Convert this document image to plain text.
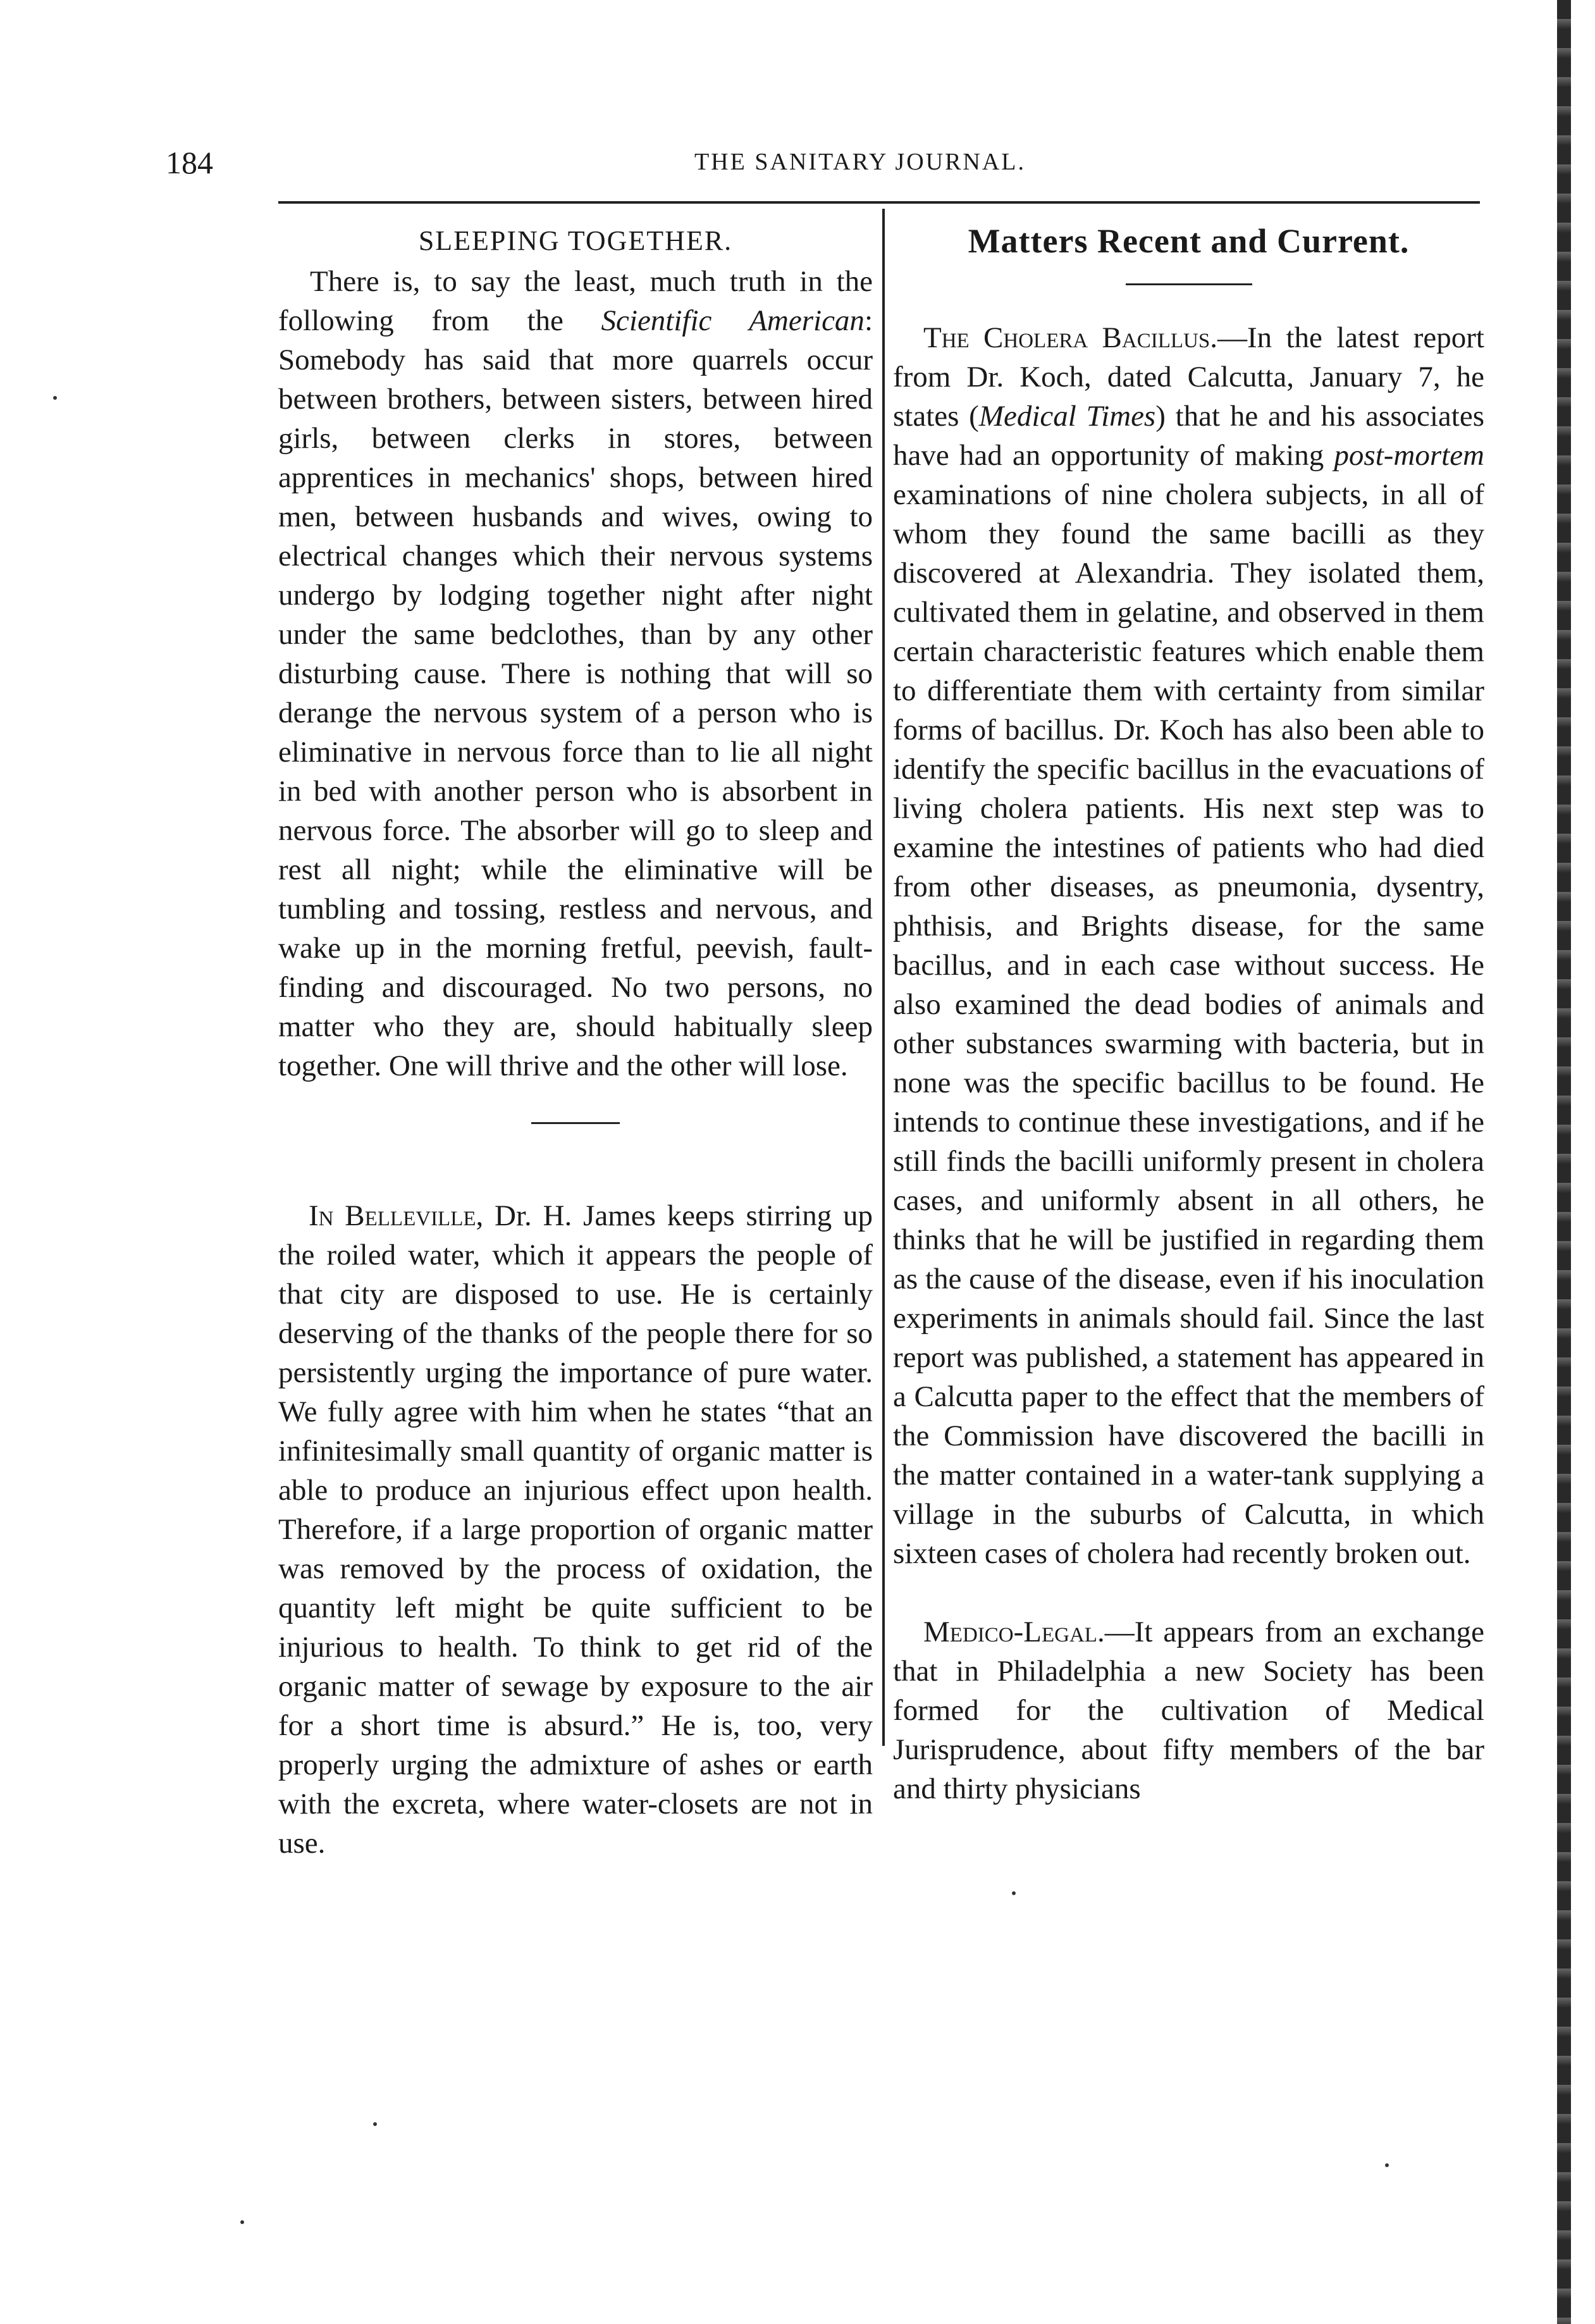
184	THE SANITARY JOURNAL.
SLEEPING TOGETHER.

There is, to say the least, much truth in the following from the Scientific American: Somebody has said that more quarrels occur between brothers, between sisters, between hired girls, between clerks in stores, between apprentices in mechanics' shops, between hired men, between husbands and wives, owing to electrical changes which their nervous systems undergo by lodging together night after night under the same bedclothes, than by any other disturbing cause. There is nothing that will so derange the nervous system of a person who is eliminative in nervous force than to lie all night in bed with another person who is absorbent in nervous force. The absorber will go to sleep and rest all night; while the eliminative will be tumbling and tossing, restless and nervous, and wake up in the morning fretful, peevish, fault-finding and discouraged. No two persons, no matter who they are, should habitually sleep together. One will thrive and the other will lose.

In Belleville, Dr. H. James keeps stirring up the roiled water, which it appears the people of that city are disposed to use. He is certainly deserving of the thanks of the people there for so persistently urging the importance of pure water. We fully agree with him when he states “that an infinitesimally small quantity of organic matter is able to produce an injurious effect upon health. Therefore, if a large proportion of organic matter was removed by the process of oxidation, the quantity left might be quite sufficient to be injurious to health. To think to get rid of the organic matter of sewage by exposure to the air for a short time is absurd.” He is, too, very properly urging the admixture of ashes or earth with the excreta, where water-closets are not in use.

Matters Recent and Current.

The Cholera Bacillus.—In the latest report from Dr. Koch, dated Calcutta, January 7, he states (Medical Times) that he and his associates have had an opportunity of making post-mortem examinations of nine cholera subjects, in all of whom they found the same bacilli as they discovered at Alexandria. They isolated them, cultivated them in gelatine, and observed in them certain characteristic features which enable them to differentiate them with certainty from similar forms of bacillus. Dr. Koch has also been able to identify the specific bacillus in the evacuations of living cholera patients. His next step was to examine the intestines of patients who had died from other diseases, as pneumonia, dysentry, phthisis, and Brights disease, for the same bacillus, and in each case without success. He also examined the dead bodies of animals and other substances swarming with bacteria, but in none was the specific bacillus to be found. He intends to continue these investigations, and if he still finds the bacilli uniformly present in cholera cases, and uniformly absent in all others, he thinks that he will be justified in regarding them as the cause of the disease, even if his inoculation experiments in animals should fail. Since the last report was published, a statement has appeared in a Calcutta paper to the effect that the members of the Commission have discovered the bacilli in the matter contained in a water-tank supplying a village in the suburbs of Calcutta, in which sixteen cases of cholera had recently broken out.

Medico-Legal.—It appears from an exchange that in Philadelphia a new Society has been formed for the cultivation of Medical Jurisprudence, about fifty members of the bar and thirty physicians
